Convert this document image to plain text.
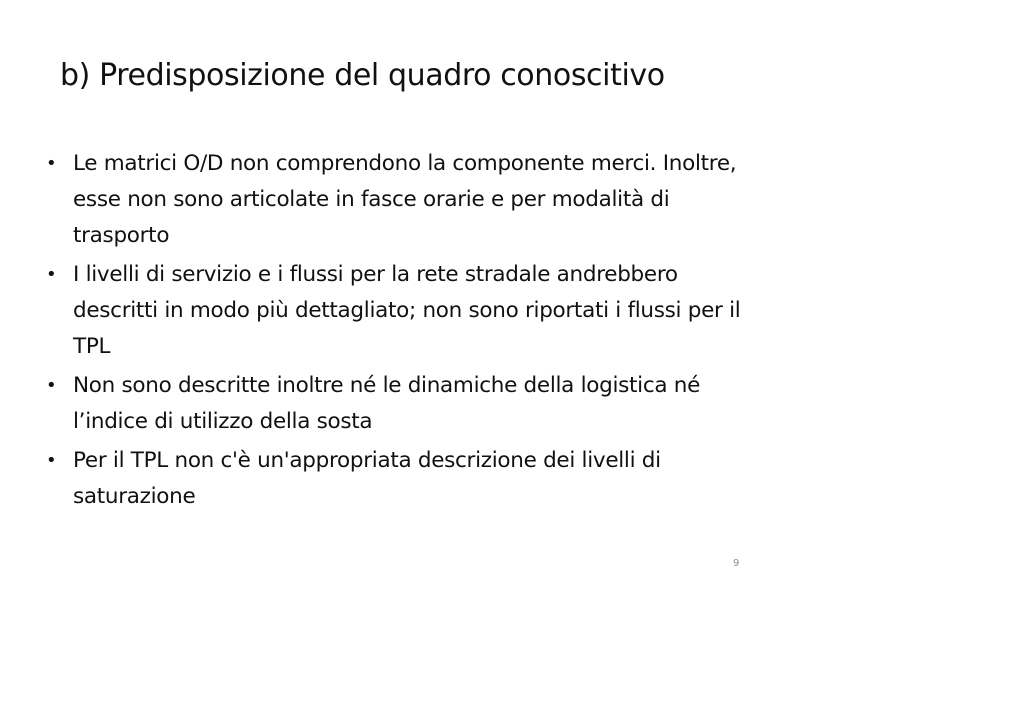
b) Predisposizione del quadro conoscitivo
• Le matrici O/D non comprendono la componente merci. Inoltre, esse non sono articolate in fasce orarie e per modalità di trasporto
• I livelli di servizio e i flussi per la rete stradale andrebbero descritti in modo più dettagliato; non sono riportati i flussi per il TPL
• Non sono descritte inoltre né le dinamiche della logistica né l’indice di utilizzo della sosta
• Per il TPL non c'è un'appropriata descrizione dei livelli di saturazione
9
